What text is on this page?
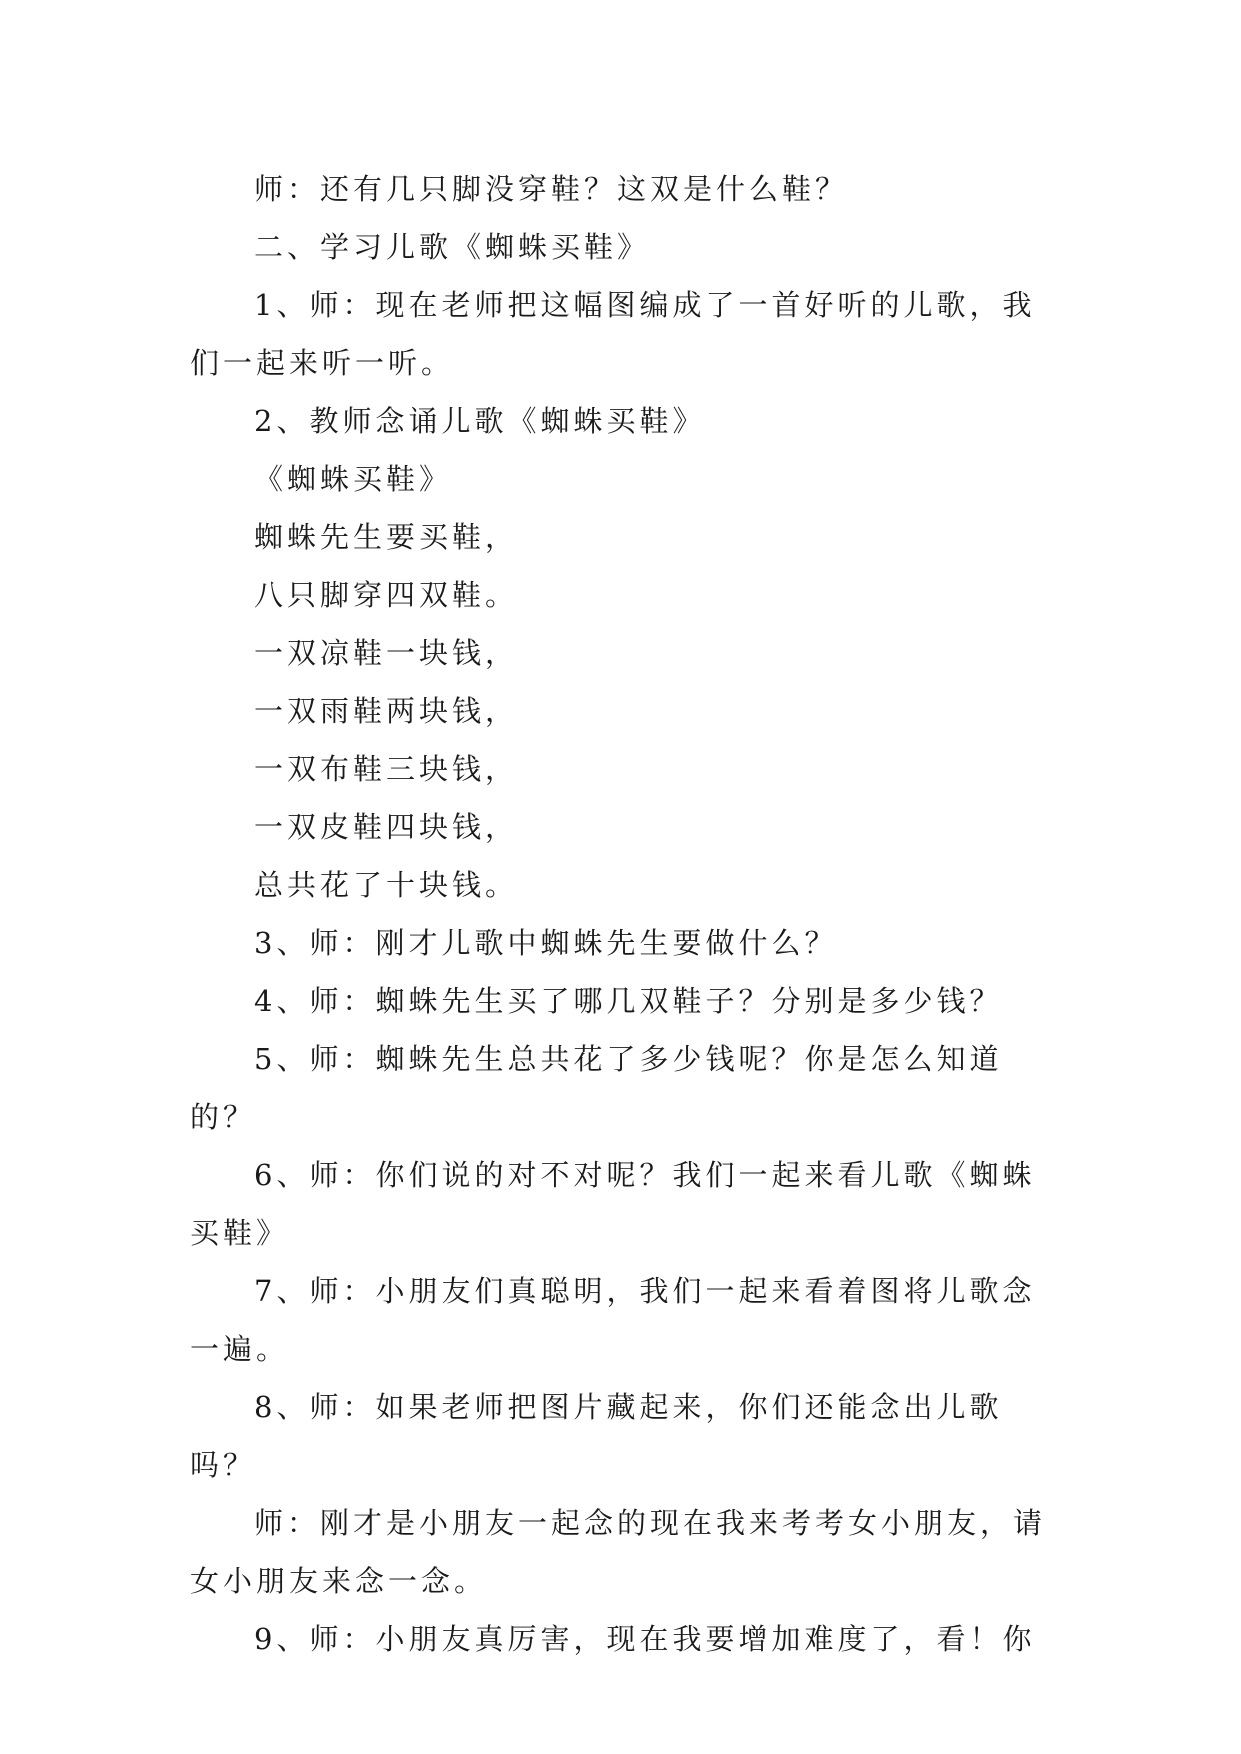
师：还有几只脚没穿鞋？这双是什么鞋？

二、学习儿歌《蜘蛛买鞋》

1、师：现在老师把这幅图编成了一首好听的儿歌，我们一起来听一听。

2、教师念诵儿歌《蜘蛛买鞋》

《蜘蛛买鞋》

蜘蛛先生要买鞋，

八只脚穿四双鞋。

一双凉鞋一块钱，

一双雨鞋两块钱，

一双布鞋三块钱，

一双皮鞋四块钱，

总共花了十块钱。

3、师：刚才儿歌中蜘蛛先生要做什么？

4、师：蜘蛛先生买了哪几双鞋子？分别是多少钱？

5、师：蜘蛛先生总共花了多少钱呢？你是怎么知道的？

6、师：你们说的对不对呢？我们一起来看儿歌《蜘蛛买鞋》

7、师：小朋友们真聪明，我们一起来看着图将儿歌念一遍。

8、师：如果老师把图片藏起来，你们还能念出儿歌吗？

师：刚才是小朋友一起念的现在我来考考女小朋友，请女小朋友来念一念。

9、师：小朋友真厉害，现在我要增加难度了，看！你
